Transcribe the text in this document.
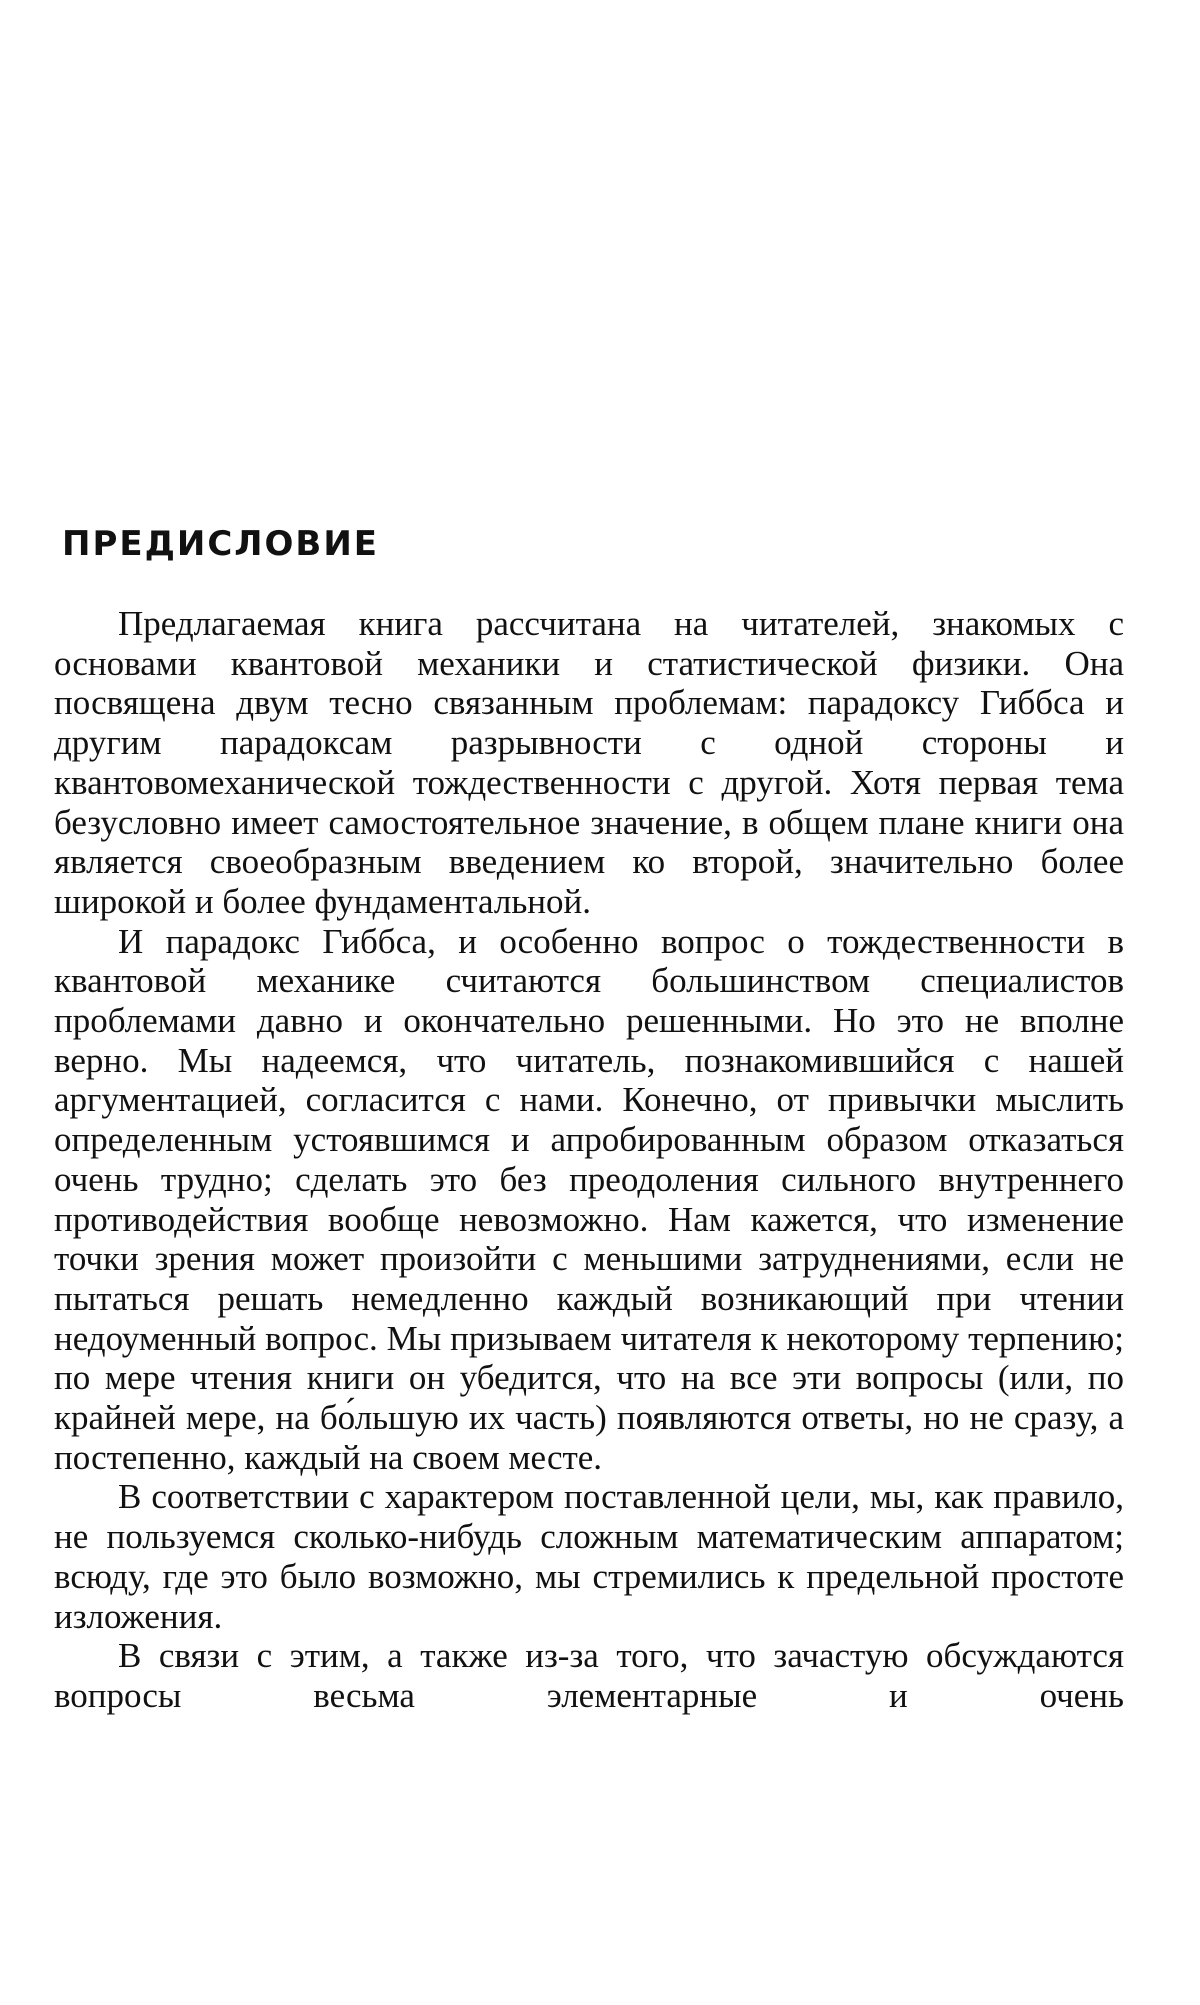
ПРЕДИСЛОВИЕ

Предлагаемая книга рассчитана на читателей, знакомых с основами квантовой механики и статистической физики. Она посвящена двум тесно связанным проблемам: парадоксу Гиббса и другим парадоксам разрывности с одной стороны и квантовомеханической тождественности с другой. Хотя первая тема безусловно имеет самостоятельное значение, в общем плане книги она является своеобразным введением ко второй, значительно более широкой и более фундаментальной.

И парадокс Гиббса, и особенно вопрос о тождественности в квантовой механике считаются большинством специалистов проблемами давно и окончательно решенными. Но это не вполне верно. Мы надеемся, что читатель, познакомившийся с нашей аргументацией, согласится с нами. Конечно, от привычки мыслить определенным устоявшимся и апробированным образом отказаться очень трудно; сделать это без преодоления сильного внутреннего противодействия вообще невозможно. Нам кажется, что изменение точки зрения может произойти с меньшими затруднениями, если не пытаться решать немедленно каждый возникающий при чтении недоуменный вопрос. Мы призываем читателя к некоторому терпению; по мере чтения книги он убедится, что на все эти вопросы (или, по крайней мере, на бо́льшую их часть) появляются ответы, но не сразу, а постепенно, каждый на своем месте.

В соответствии с характером поставленной цели, мы, как правило, не пользуемся сколько-нибудь сложным математическим аппаратом; всюду, где это было возможно, мы стремились к предельной простоте изложения.

В связи с этим, а также из-за того, что зачастую обсуждаются вопросы весьма элементарные и очень
